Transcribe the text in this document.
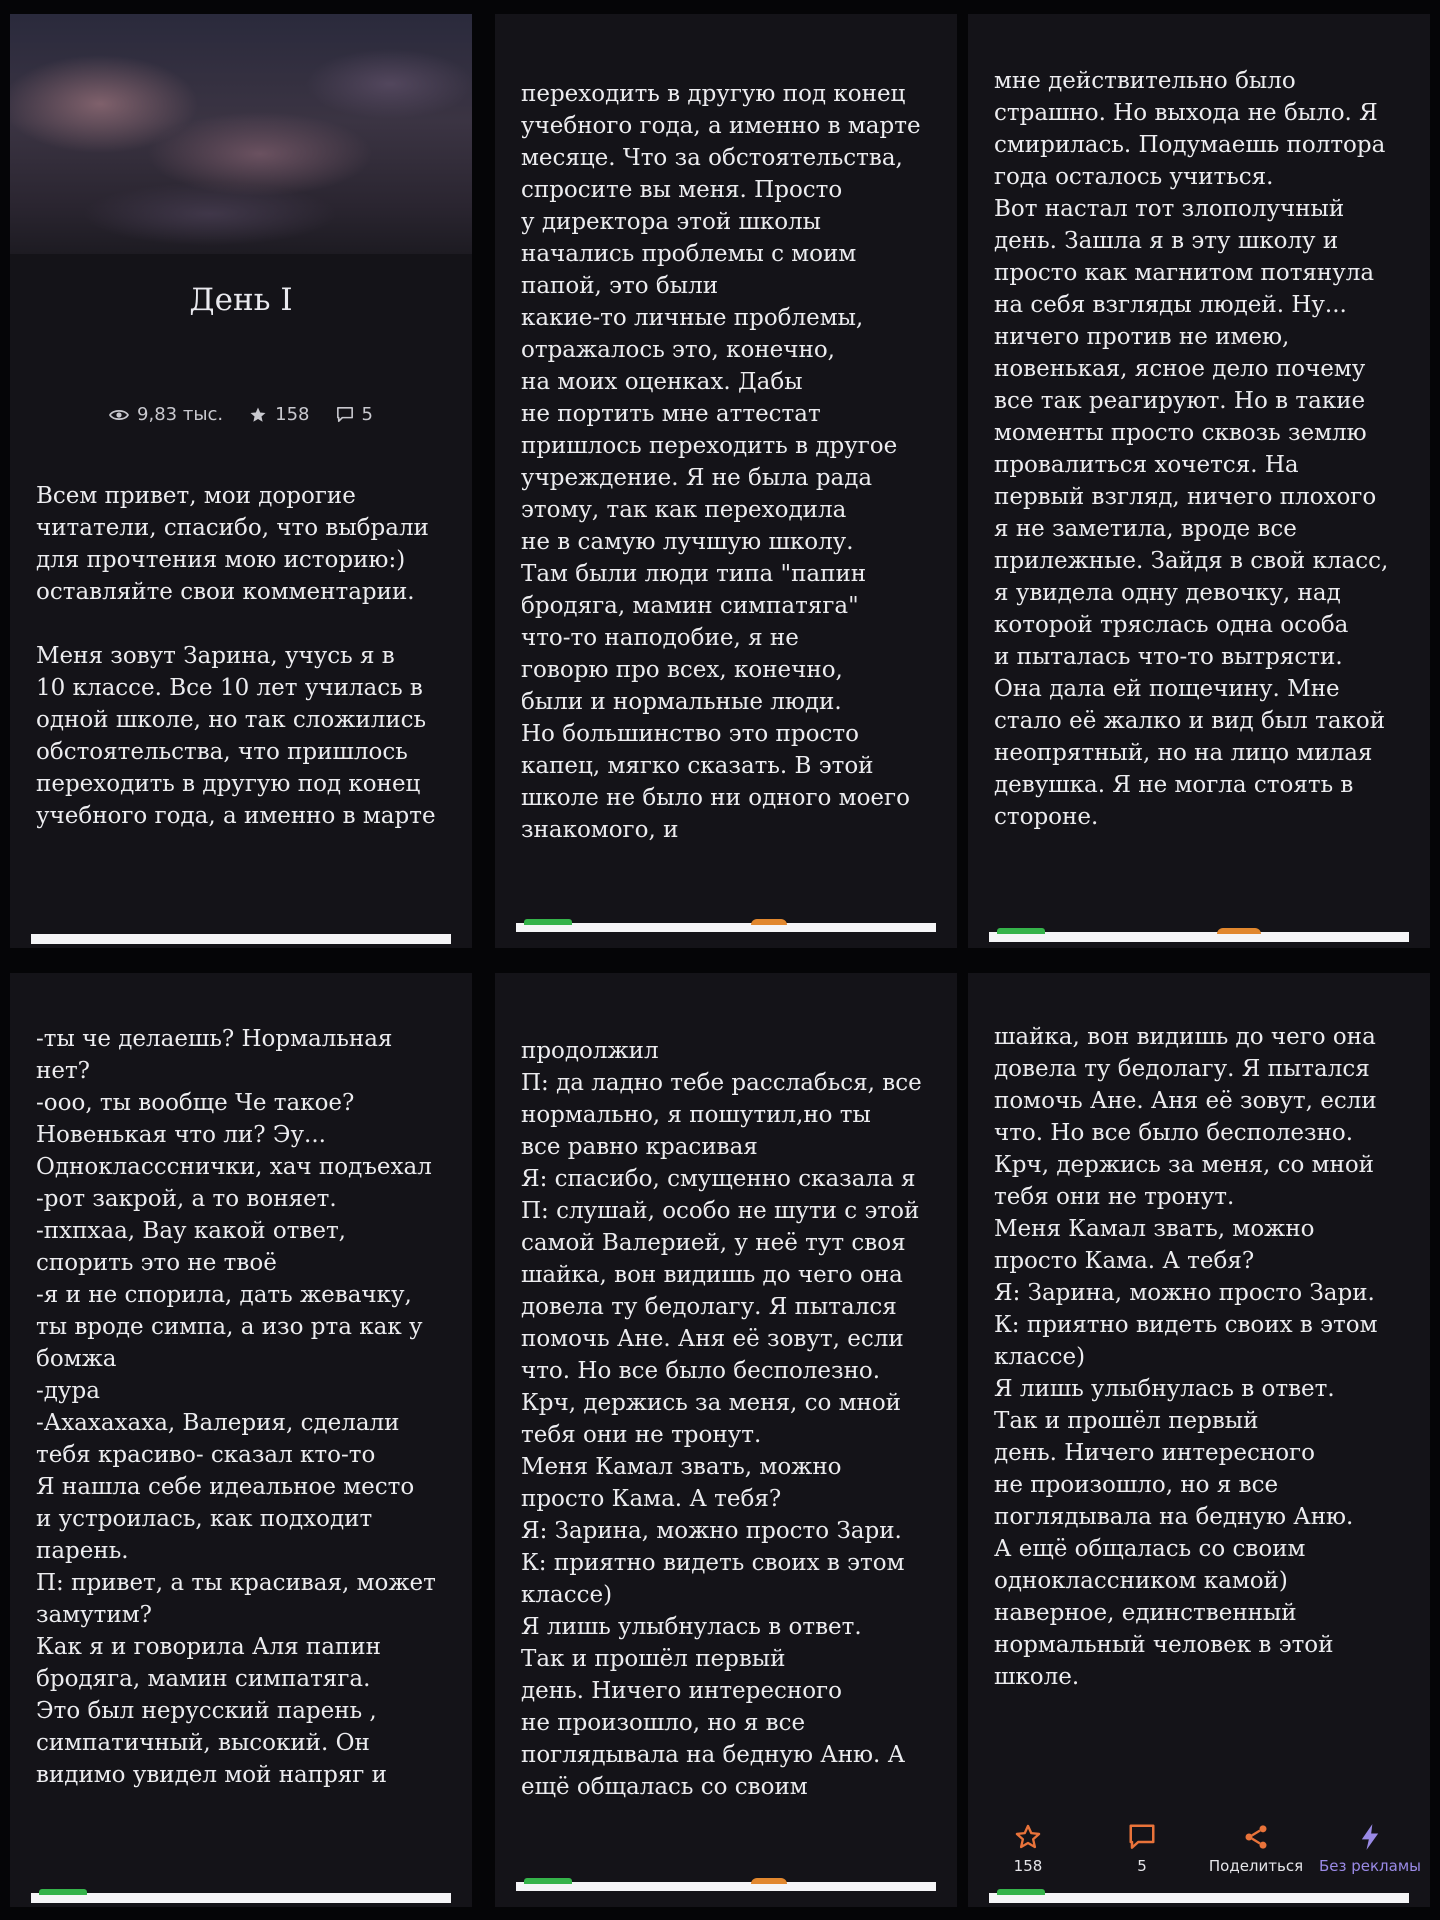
День I
9,83 тыс.	158	5

Всем привет, мои дорогие
читатели, спасибо, что выбрали
для прочтения мою историю:)
оставляйте свои комментарии.

Меня зовут Зарина, учусь я в
10 классе. Все 10 лет училась в
одной школе, но так сложились
обстоятельства, что пришлось
переходить в другую под конец
учебного года, а именно в марте

переходить в другую под конец
учебного года, а именно в марте
месяце. Что за обстоятельства,
спросите вы меня. Просто
у директора этой школы
начались проблемы с моим
папой, это были
какие-то личные проблемы,
отражалось это, конечно,
на моих оценках. Дабы
не портить мне аттестат
пришлось переходить в другое
учреждение. Я не была рада
этому, так как переходила
не в самую лучшую школу.
Там были люди типа "папин
бродяга, мамин симпатяга"
что-то наподобие, я не
говорю про всех, конечно,
были и нормальные люди.
Но большинство это просто
капец, мягко сказать. В этой
школе не было ни одного моего
знакомого, и

мне действительно было
страшно. Но выхода не было. Я
смирилась. Подумаешь полтора
года осталось учиться.
Вот настал тот злополучный
день. Зашла я в эту школу и
просто как магнитом потянула
на себя взгляды людей. Ну...
ничего против не имею,
новенькая, ясное дело почему
все так реагируют. Но в такие
моменты просто сквозь землю
провалиться хочется. На
первый взгляд, ничего плохого
я не заметила, вроде все
прилежные. Зайдя в свой класс,
я увидела одну девочку, над
которой тряслась одна особа
и пыталась что-то вытрясти.
Она дала ей пощечину. Мне
стало её жалко и вид был такой
неопрятный, но на лицо милая
девушка. Я не могла стоять в
стороне.

-ты че делаешь? Нормальная
нет?
-ооо, ты вообще Че такое?
Новенькая что ли? Эу...
Одноклассснички, хач подъехал
-рот закрой, а то воняет.
-пхпхаа, Вау какой ответ,
спорить это не твоё
-я и не спорила, дать жевачку,
ты вроде симпа, а изо рта как у
бомжа
-дура
-Ахахахаха, Валерия, сделали
тебя красиво- сказал кто-то
Я нашла себе идеальное место
и устроилась, как подходит
парень.
П: привет, а ты красивая, может
замутим?
Как я и говорила Аля папин
бродяга, мамин симпатяга.
Это был нерусский парень ,
симпатичный, высокий. Он
видимо увидел мой напряг и

продолжил
П: да ладно тебе расслабься, все
нормально, я пошутил,но ты
все равно красивая
Я: спасибо, смущенно сказала я
П: слушай, особо не шути с этой
самой Валерией, у неё тут своя
шайка, вон видишь до чего она
довела ту бедолагу. Я пытался
помочь Ане. Аня её зовут, если
что. Но все было бесполезно.
Крч, держись за меня, со мной
тебя они не тронут.
Меня Камал звать, можно
просто Кама. А тебя?
Я: Зарина, можно просто Зари.
К: приятно видеть своих в этом
классе)
Я лишь улыбнулась в ответ.
Так и прошёл первый
день. Ничего интересного
не произошло, но я все
поглядывала на бедную Аню. А
ещё общалась со своим

шайка, вон видишь до чего она
довела ту бедолагу. Я пытался
помочь Ане. Аня её зовут, если
что. Но все было бесполезно.
Крч, держись за меня, со мной
тебя они не тронут.
Меня Камал звать, можно
просто Кама. А тебя?
Я: Зарина, можно просто Зари.
К: приятно видеть своих в этом
классе)
Я лишь улыбнулась в ответ.
Так и прошёл первый
день. Ничего интересного
не произошло, но я все
поглядывала на бедную Аню.
А ещё общалась со своим
одноклассником камой)
наверное, единственный
нормальный человек в этой
школе.

158	5	Поделиться Без рекламы
